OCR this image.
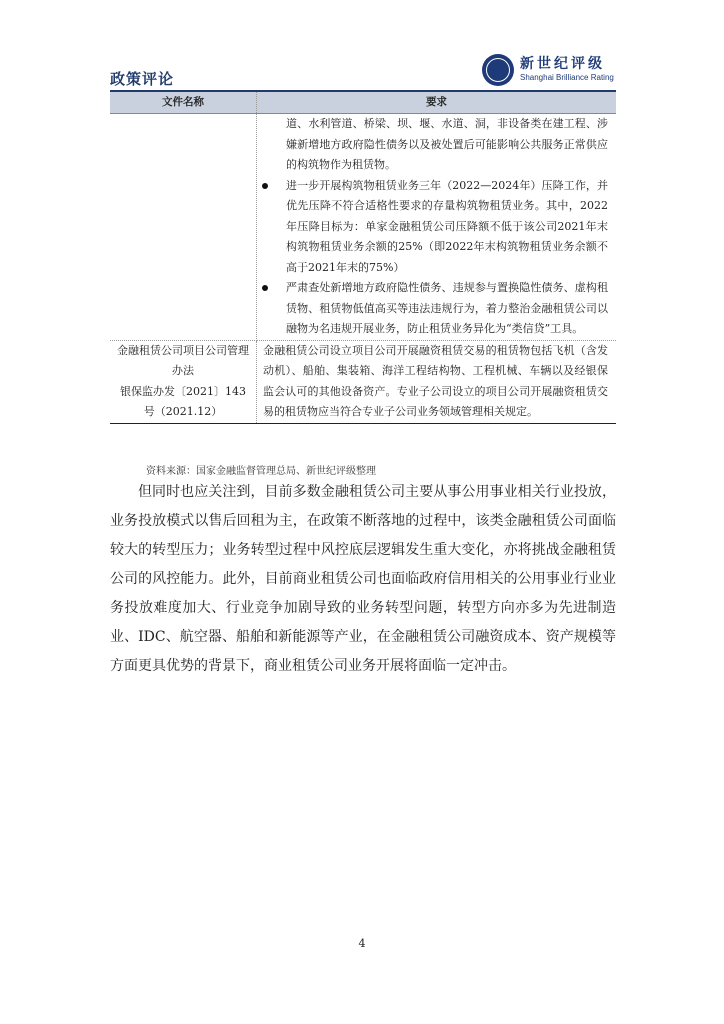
政策评论
新世纪评级
Shanghai Brilliance Rating
文件名称	要求

	道、水利管道、桥梁、坝、堰、水道、洞，非设备类在建工程、涉嫌新增地方政府隐性债务以及被处置后可能影响公共服务正常供应的构筑物作为租赁物。
进一步开展构筑物租赁业务三年（2022—2024年）压降工作，并优先压降不符合适格性要求的存量构筑物租赁业务。其中，2022年压降目标为：单家金融租赁公司压降额不低于该公司2021年末构筑物租赁业务余额的25%（即2022年末构筑物租赁业务余额不高于2021年末的75%）
严肃查处新增地方政府隐性债务、违规参与置换隐性债务、虚构租赁物、租赁物低值高买等违法违规行为，着力整治金融租赁公司以融物为名违规开展业务，防止租赁业务异化为“类信贷”工具。

金融租赁公司项目公司管理办法
银保监办发〔2021〕143号（2021.12）	金融租赁公司设立项目公司开展融资租赁交易的租赁物包括飞机（含发动机）、船舶、集装箱、海洋工程结构物、工程机械、车辆以及经银保监会认可的其他设备资产。专业子公司设立的项目公司开展融资租赁交易的租赁物应当符合专业子公司业务领域管理相关规定。
资料来源：国家金融监督管理总局、新世纪评级整理

但同时也应关注到，目前多数金融租赁公司主要从事公用事业相关行业投放，业务投放模式以售后回租为主，在政策不断落地的过程中，该类金融租赁公司面临较大的转型压力；业务转型过程中风控底层逻辑发生重大变化，亦将挑战金融租赁公司的风控能力。此外，目前商业租赁公司也面临政府信用相关的公用事业行业业务投放难度加大、行业竞争加剧导致的业务转型问题，转型方向亦多为先进制造业、IDC、航空器、船舶和新能源等产业，在金融租赁公司融资成本、资产规模等方面更具优势的背景下，商业租赁公司业务开展将面临一定冲击。

4
